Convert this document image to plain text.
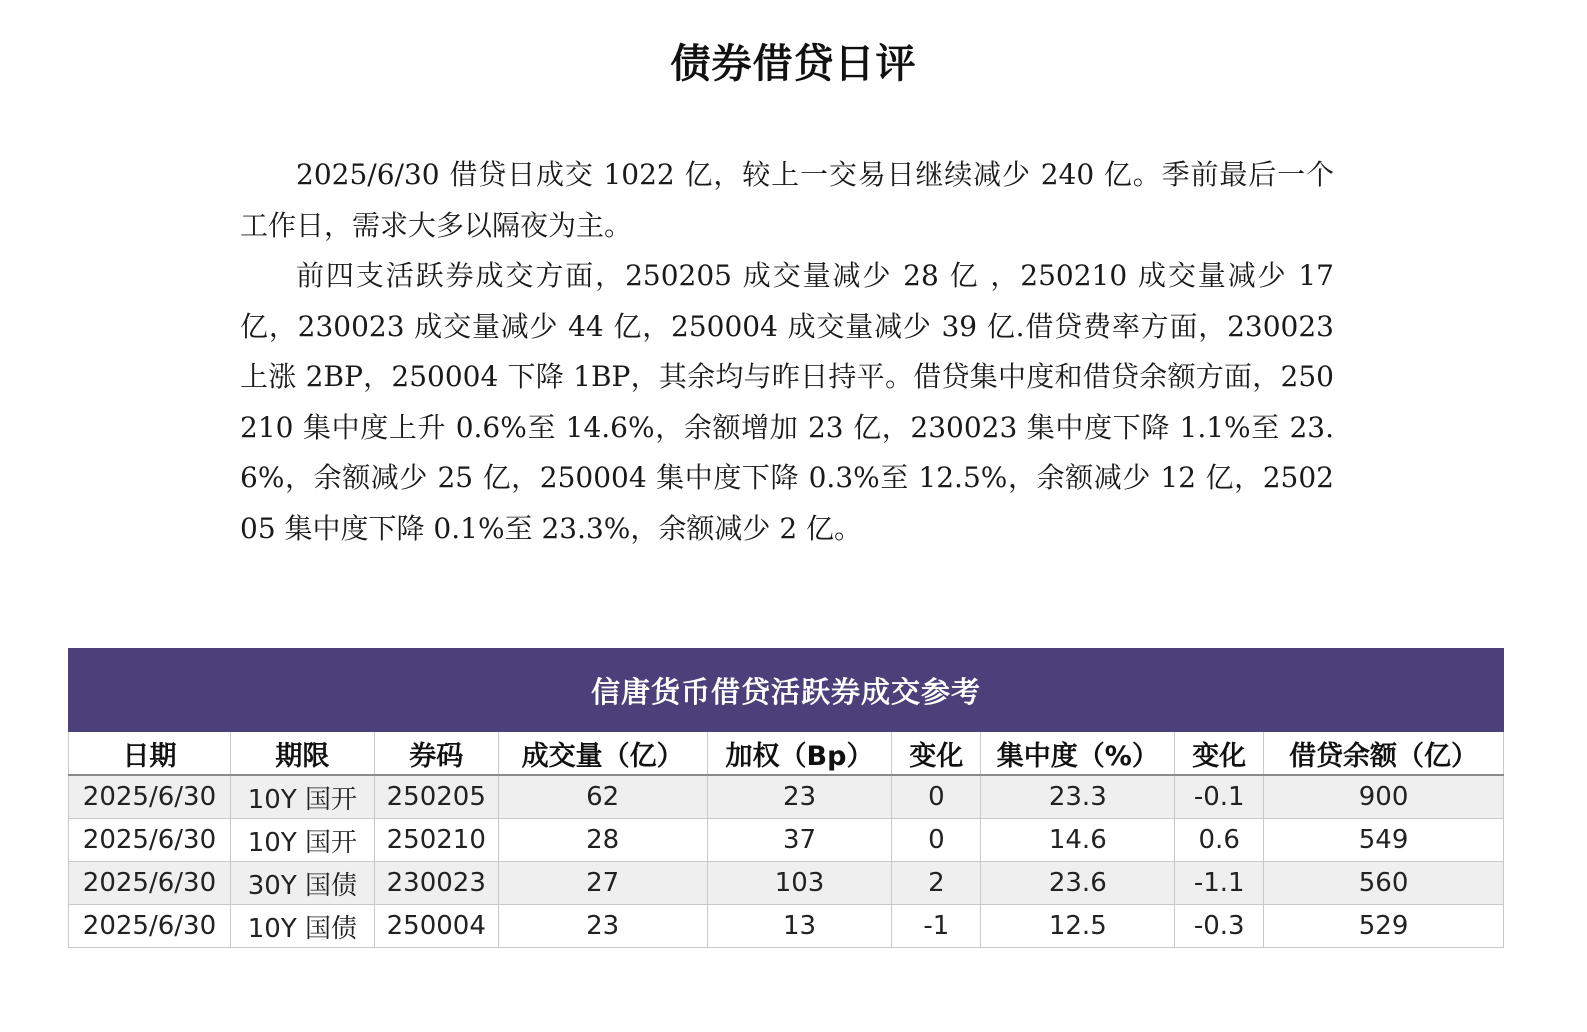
债券借贷日评

2025/6/30 借贷日成交 1022 亿，较上一交易日继续减少 240 亿。季前最后一个工作日，需求大多以隔夜为主。

前四支活跃券成交方面，250205 成交量减少 28 亿 ，250210 成交量减少 17 亿，230023 成交量减少 44 亿，250004 成交量减少 39 亿.借贷费率方面，230023 上涨 2BP，250004 下降 1BP，其余均与昨日持平。借贷集中度和借贷余额方面，250210 集中度上升 0.6%至 14.6%，余额增加 23 亿，230023 集中度下降 1.1%至 23.6%，余额减少 25 亿，250004 集中度下降 0.3%至 12.5%，余额减少 12 亿，250205 集中度下降 0.1%至 23.3%，余额减少 2 亿。

信唐货币借贷活跃券成交参考								
日期	期限	券码	成交量（亿）	加权（Bp）	变化	集中度（%）	变化	借贷余额（亿）
2025/6/30	10Y 国开	250205	62	23	0	23.3	-0.1	900
2025/6/30	10Y 国开	250210	28	37	0	14.6	0.6	549
2025/6/30	30Y 国债	230023	27	103	2	23.6	-1.1	560
2025/6/30	10Y 国债	250004	23	13	-1	12.5	-0.3	529
